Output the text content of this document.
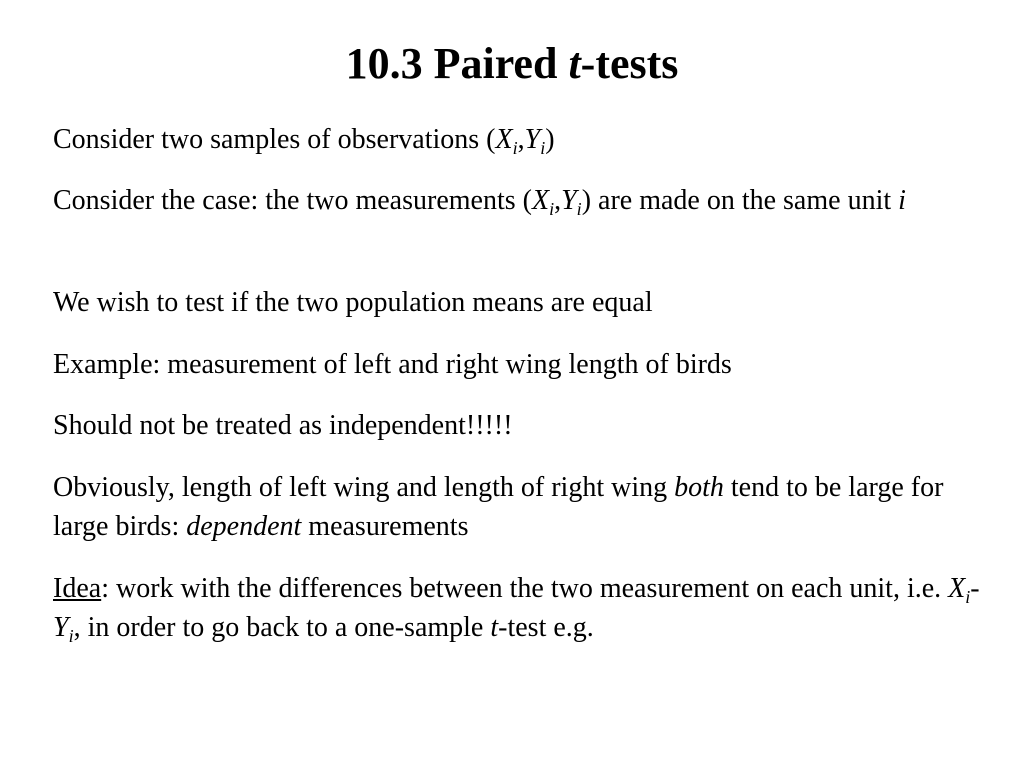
10.3 Paired t-tests

Consider two samples of observations $(X_i,Y_i)$

Consider the case: the two measurements $(X_i,Y_i)$ are made on the same unit i

We wish to test if the two population means are equal

Example: measurement of left and right wing length of birds

Should not be treated as independent!!!!!

Obviously, length of left wing and length of right wing both tend to be large for large birds: dependent measurements

Idea: work with the differences between the two measurement on each unit, i.e. $X_i-Y_i$, in order to go back to a one-sample t-test e.g.
